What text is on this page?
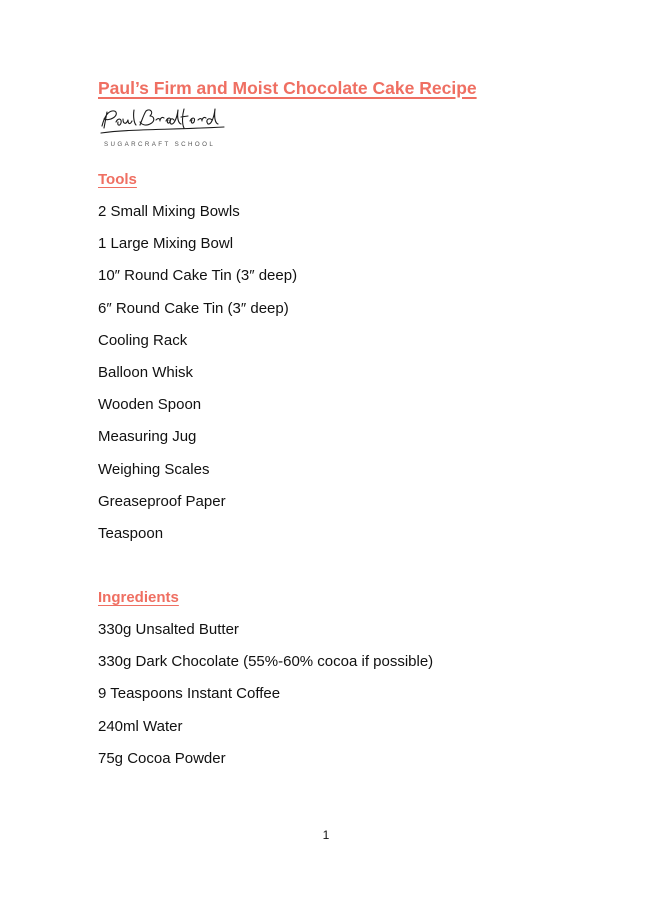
Paul’s Firm and Moist Chocolate Cake Recipe
SUGARCRAFT SCHOOL
Tools
2 Small Mixing Bowls
1 Large Mixing Bowl
10″ Round Cake Tin (3″ deep)
6″ Round Cake Tin (3″ deep)
Cooling Rack
Balloon Whisk
Wooden Spoon
Measuring Jug
Weighing Scales
Greaseproof Paper
Teaspoon
Ingredients
330g Unsalted Butter
330g Dark Chocolate (55%-60% cocoa if possible)
9 Teaspoons Instant Coffee
240ml Water
75g Cocoa Powder
1
